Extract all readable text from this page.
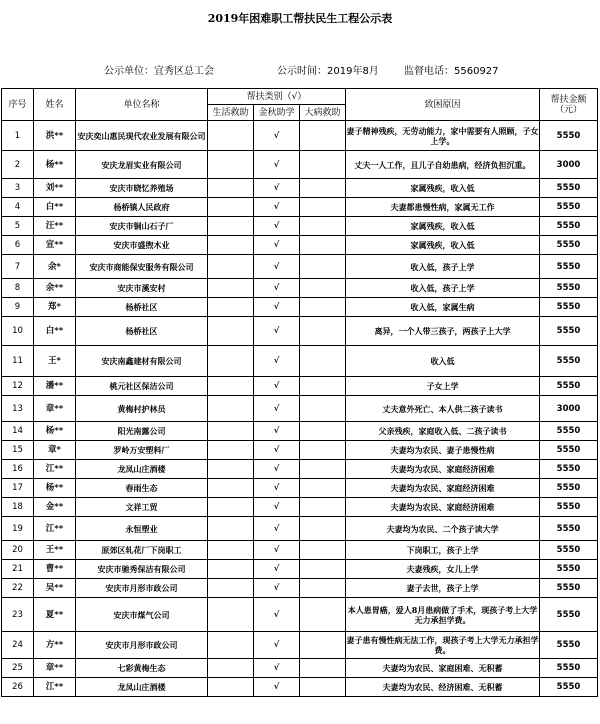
2019年困难职工帮扶民生工程公示表
公示单位：宜秀区总工会	公示时间：2019年8月	监督电话：5560927
序号	姓名	单位名称	帮扶类别（√）			致困原因	帮扶金额（元）
			生活救助	金秋助学	大病救助		
1	洪**	安庆奕山惠民现代农业发展有限公司		√		妻子精神残疾，无劳动能力，家中需要有人照顾，子女上学。	5550
2	杨**	安庆龙眉实业有限公司		√		丈夫一人工作，且儿子自幼患病，经济负担沉重。	3000
3	刘**	安庆市晓忆养殖场		√		家属残疾，收入低	5550
4	白**	杨桥镇人民政府		√		夫妻都患慢性病，家属无工作	5550
5	汪**	安庆市铜山石子厂		√		家属残疾，收入低	5550
6	宣**	安庆市盛煦木业		√		家属残疾，收入低	5550
7	余*	安庆市商能保安服务有限公司		√		收入低，孩子上学	5550
8	余**	安庆市溪安村		√		收入低，孩子上学	5550
9	郑*	杨桥社区		√		收入低，家属生病	5550
10	白**	杨桥社区		√		离异，一个人带三孩子，两孩子上大学	5550
11	王*	安庆南鑫建材有限公司		√		收入低	5550
12	潘**	桃元社区保洁公司		√		子女上学	5550
13	章**	黄梅村护林员		√		丈夫意外死亡、本人供二孩子读书	3000
14	杨**	阳光南露公司		√		父亲残疾，家庭收入低、二孩子读书	5550
15	章*	罗岭万安塑料厂		√		夫妻均为农民、妻子患慢性病	5550
16	江**	龙凤山庄酒楼		√		夫妻均为农民、家庭经济困难	5550
17	杨**	春雨生态		√		夫妻均为农民、家庭经济困难	5550
18	金**	文祥工贸		√		夫妻均为农民、家庭经济困难	5550
19	江**	永恒塑业		√		夫妻均为农民、二个孩子读大学	5550
20	王**	原郊区轧花厂下岗职工		√		下岗职工，孩子上学	5550
21	曹**	安庆市驰秀保洁有限公司		√		夫妻残疾，女儿上学	5550
22	吴**	安庆市月形市政公司		√		妻子去世，孩子上学	5550
23	夏**	安庆市煤气公司		√		本人患胃癌，爱人8月患病做了手术，现孩子考上大学无力承担学费。	5550
24	方**	安庆市月形市政公司		√		妻子患有慢性病无法工作，现孩子考上大学无力承担学费。	5550
25	章**	七彩黄梅生态		√		夫妻均为农民、家庭困难、无积蓄	5550
26	江**	龙凤山庄酒楼		√		夫妻均为农民、经济困难、无积蓄	5550
